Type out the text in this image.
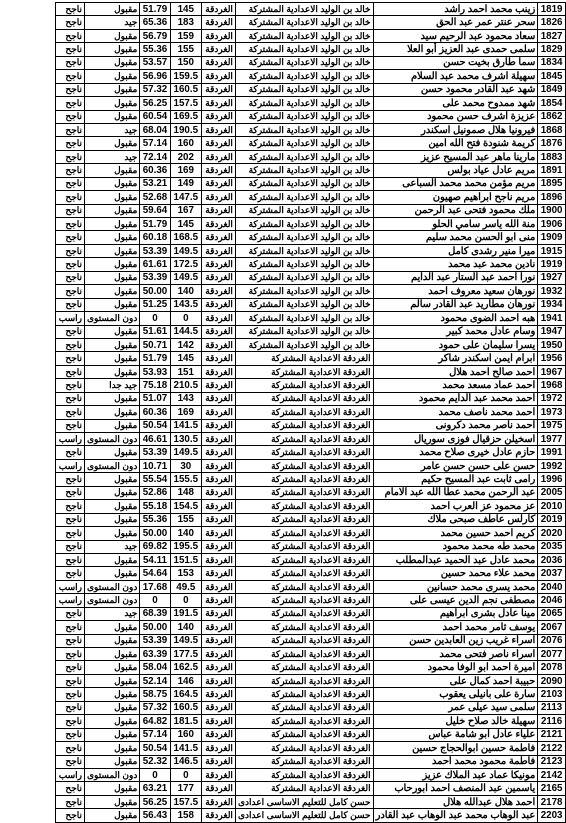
1819	زينب محمد احمد راشد	خالد بن الوليد الاعدادية المشتركة	الغردقة	145	51.79	مقبول	ناجح
1826	سحر عنتر عمر عبد الحق	خالد بن الوليد الاعدادية المشتركة	الغردقة	183	65.36	جيد	ناجح
1827	سعاد محمود عبد الرحيم سيد	خالد بن الوليد الاعدادية المشتركة	الغردقة	159	56.79	مقبول	ناجح
1829	سلمى حمدى عبد العزيز أبو العلا	خالد بن الوليد الاعدادية المشتركة	الغردقة	155	55.36	مقبول	ناجح
1834	سما طارق بخيت حسن	خالد بن الوليد الاعدادية المشتركة	الغردقة	150	53.57	مقبول	ناجح
1845	سهيلة اشرف محمد عبد السلام	خالد بن الوليد الاعدادية المشتركة	الغردقة	159.5	56.96	مقبول	ناجح
1849	شهد عبد القادر محمود حسن	خالد بن الوليد الاعدادية المشتركة	الغردقة	160.5	57.32	مقبول	ناجح
1854	شهد ممدوح محمد على	خالد بن الوليد الاعدادية المشتركة	الغردقة	157.5	56.25	مقبول	ناجح
1862	عزيزة اشرف حسن محمود	خالد بن الوليد الاعدادية المشتركة	الغردقة	169.5	60.54	مقبول	ناجح
1868	فيرونيا هلال صمونيل اسكندر	خالد بن الوليد الاعدادية المشتركة	الغردقة	190.5	68.04	جيد	ناجح
1876	كريمة شنودة فتح الله امين	خالد بن الوليد الاعدادية المشتركة	الغردقة	160	57.14	مقبول	ناجح
1883	مارينا ماهر عبد المسيح عزيز	خالد بن الوليد الاعدادية المشتركة	الغردقة	202	72.14	جيد	ناجح
1891	مريم عادل عياد بولس	خالد بن الوليد الاعدادية المشتركة	الغردقة	169	60.36	مقبول	ناجح
1895	مريم مؤمن محمد محمد السباعى	خالد بن الوليد الاعدادية المشتركة	الغردقة	149	53.21	مقبول	ناجح
1896	مريم ناجح ابراهيم صهيون	خالد بن الوليد الاعدادية المشتركة	الغردقة	147.5	52.68	مقبول	ناجح
1900	ملك محمود فتحى عبد الرحمن	خالد بن الوليد الاعدادية المشتركة	الغردقة	167	59.64	مقبول	ناجح
1906	منة الله ياسر سامي الحلو	خالد بن الوليد الاعدادية المشتركة	الغردقة	145	51.79	مقبول	ناجح
1909	منى ابو الحسن محمد سليم	خالد بن الوليد الاعدادية المشتركة	الغردقة	168.5	60.18	مقبول	ناجح
1915	ميرا منير رشدى كامل	خالد بن الوليد الاعدادية المشتركة	الغردقة	149.5	53.39	مقبول	ناجح
1919	نادين محمد عبد محمد	خالد بن الوليد الاعدادية المشتركة	الغردقة	172.5	61.61	مقبول	ناجح
1927	نورا احمد عبد الستار عبد الدايم	خالد بن الوليد الاعدادية المشتركة	الغردقة	149.5	53.39	مقبول	ناجح
1932	نورهان سعيد معروف احمد	خالد بن الوليد الاعدادية المشتركة	الغردقة	140	50.00	مقبول	ناجح
1934	نورهان مطاريد عبد القادر سالم	خالد بن الوليد الاعدادية المشتركة	الغردقة	143.5	51.25	مقبول	ناجح
1941	هبه احمد الضوى محمود	خالد بن الوليد الاعدادية المشتركة	الغردقة	0	0	دون المستوى	راسب
1947	وسام عادل محمد كبير	خالد بن الوليد الاعدادية المشتركة	الغردقة	144.5	51.61	مقبول	ناجح
1950	يسرا سليمان على حمود	خالد بن الوليد الاعدادية المشتركة	الغردقة	142	50.71	مقبول	ناجح
1956	ابرام ايمن اسكندر شاكر	الغردقة الاعدادية المشتركة	الغردقة	145	51.79	مقبول	ناجح
1967	احمد صالح احمد هلال	الغردقة الاعدادية المشتركة	الغردقة	151	53.93	مقبول	ناجح
1968	احمد عماد مسعد محمد	الغردقة الاعدادية المشتركة	الغردقة	210.5	75.18	جيد جدا	ناجح
1972	احمد محمد عبد الدايم محمود	الغردقة الاعدادية المشتركة	الغردقة	143	51.07	مقبول	ناجح
1973	احمد محمد ناصف محمد	الغردقة الاعدادية المشتركة	الغردقة	169	60.36	مقبول	ناجح
1975	احمد ناصر محمد دكرونى	الغردقة الاعدادية المشتركة	الغردقة	141.5	50.54	مقبول	ناجح
1977	اسخيلن حزقيال فوزى سوريال	الغردقة الاعدادية المشتركة	الغردقة	130.5	46.61	دون المستوى	راسب
1991	حازم عادل خيرى صلاح محمد	الغردقة الاعدادية المشتركة	الغردقة	149.5	53.39	مقبول	ناجح
1992	حسن على حسن حسن عامر	الغردقة الاعدادية المشتركة	الغردقة	30	10.71	دون المستوى	راسب
1996	رامى ثابت عبد المسيح حكيم	الغردقة الاعدادية المشتركة	الغردقة	155.5	55.54	مقبول	ناجح
2005	عبد الرحمن محمد عطا الله عبد الامام	الغردقة الاعدادية المشتركة	الغردقة	148	52.86	مقبول	ناجح
2010	عز محمود عز العرب احمد	الغردقة الاعدادية المشتركة	الغردقة	154.5	55.18	مقبول	ناجح
2019	كارلس عاطف صبحى ملاك	الغردقة الاعدادية المشتركة	الغردقة	155	55.36	مقبول	ناجح
2020	كريم احمد حسين محمد	الغردقة الاعدادية المشتركة	الغردقة	140	50.00	مقبول	ناجح
2035	محمد طه محمد محمود	الغردقة الاعدادية المشتركة	الغردقة	195.5	69.82	جيد	ناجح
2036	محمد عادل عبد الحميد عبدالمطلب	الغردقة الاعدادية المشتركة	الغردقة	151.5	54.11	مقبول	ناجح
2037	محمد علاء محمد حسين	الغردقة الاعدادية المشتركة	الغردقة	153	54.64	مقبول	ناجح
2040	محمد يسرى محمد حسانين	الغردقة الاعدادية المشتركة	الغردقة	49.5	17.68	دون المستوى	راسب
2046	مصطفى نجم الدين عيسى على	الغردقة الاعدادية المشتركة	الغردقة	0	0	دون المستوى	راسب
2065	مينا عادل بشرى ابراهيم	الغردقة الاعدادية المشتركة	الغردقة	191.5	68.39	جيد	ناجح
2067	يوسف ثامر محمد احمد	الغردقة الاعدادية المشتركة	الغردقة	140	50.00	مقبول	ناجح
2076	اسراء غريب زين العابدين حسن	الغردقة الاعدادية المشتركة	الغردقة	149.5	53.39	مقبول	ناجح
2077	اسراء ناصر فتحى محمد	الغردقة الاعدادية المشتركة	الغردقة	177.5	63.39	مقبول	ناجح
2078	اميرة احمد ابو الوفا محمود	الغردقة الاعدادية المشتركة	الغردقة	162.5	58.04	مقبول	ناجح
2090	حبيبة احمد كمال على	الغردقة الاعدادية المشتركة	الغردقة	146	52.14	مقبول	ناجح
2103	سارة على بانيلى يعقوب	الغردقة الاعدادية المشتركة	الغردقة	164.5	58.75	مقبول	ناجح
2113	سلمى سيد عيلى عمر	الغردقة الاعدادية المشتركة	الغردقة	160.5	57.32	مقبول	ناجح
2116	سهيلة خالد صلاح خليل	الغردقة الاعدادية المشتركة	الغردقة	181.5	64.82	مقبول	ناجح
2121	علياء عادل ابو شامة عباس	الغردقة الاعدادية المشتركة	الغردقة	160	57.14	مقبول	ناجح
2122	فاطمة حسين ابوالحجاج حسين	الغردقة الاعدادية المشتركة	الغردقة	141.5	50.54	مقبول	ناجح
2123	فاطمة محمود محمد احمد	الغردقة الاعدادية المشتركة	الغردقة	146.5	52.32	مقبول	ناجح
2142	مونيكا عماد عبد الملاك عزيز	الغردقة الاعدادية المشتركة	الغردقة	0	0	دون المستوى	راسب
2165	ياسمين عبد المنصف احمد ابورحاب	الغردقة الاعدادية المشتركة	الغردقة	177	63.21	مقبول	ناجح
2178	احمد هلال عبدالله هلال	حسن كامل للتعليم الاساسى اعدادى	الغردقة	157.5	56.25	مقبول	ناجح
2203	عبد الوهاب محمد عبد الوهاب عبد القادر	حسن كامل للتعليم الاساسى اعدادى	الغردقة	158	56.43	مقبول	ناجح
